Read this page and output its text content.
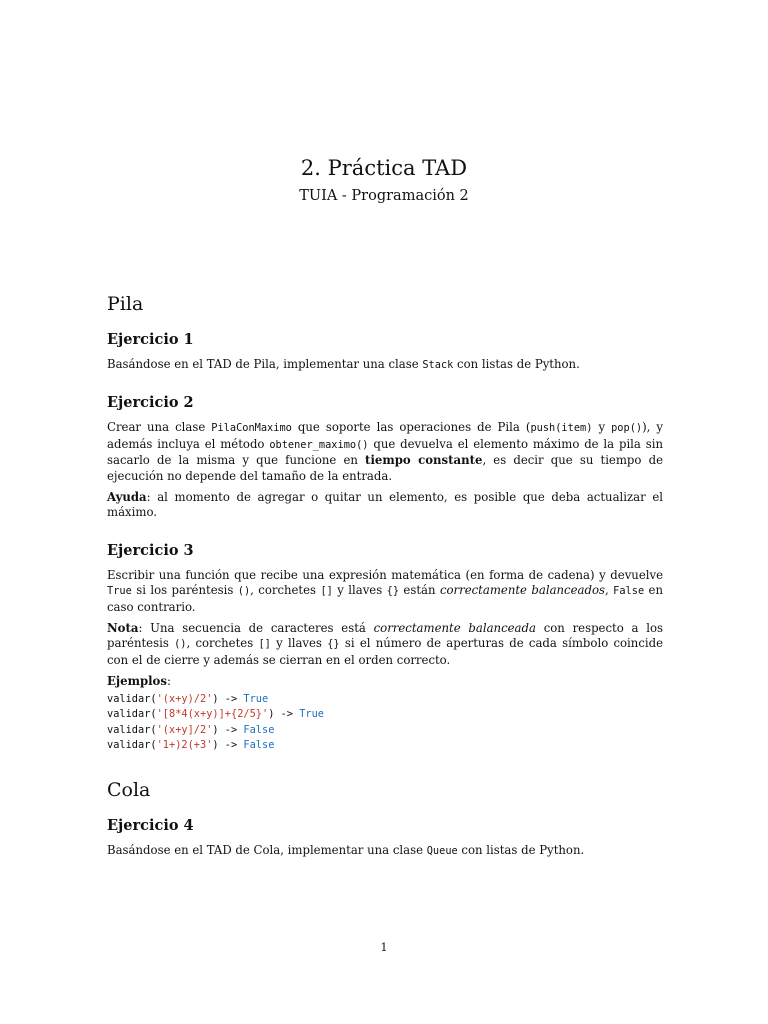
2. Práctica TAD
TUIA - Programación 2
Pila
Ejercicio 1

Basándose en el TAD de Pila, implementar una clase Stack con listas de Python.

Ejercicio 2

Crear una clase PilaConMaximo que soporte las operaciones de Pila (push(item) y pop()), y además incluya el método obtener_maximo() que devuelva el elemento máximo de la pila sin sacarlo de la misma y que funcione en tiempo constante, es decir que su tiempo de ejecución no depende del tamaño de la entrada.

Ayuda: al momento de agregar o quitar un elemento, es posible que deba actualizar el máximo.

Ejercicio 3

Escribir una función que recibe una expresión matemática (en forma de cadena) y devuelve True si los paréntesis (), corchetes [] y llaves {} están correctamente balanceados, False en caso contrario.

Nota: Una secuencia de caracteres está correctamente balanceada con respecto a los paréntesis (), corchetes [] y llaves {} si el número de aperturas de cada símbolo coincide con el de cierre y además se cierran en el orden correcto.

Ejemplos:

validar('(x+y)/2') -> True
validar('[8*4(x+y)]+{2/5}') -> True
validar('(x+y]/2') -> False
validar('1+)2(+3') -> False
Cola
Ejercicio 4

Basándose en el TAD de Cola, implementar una clase Queue con listas de Python.

1
